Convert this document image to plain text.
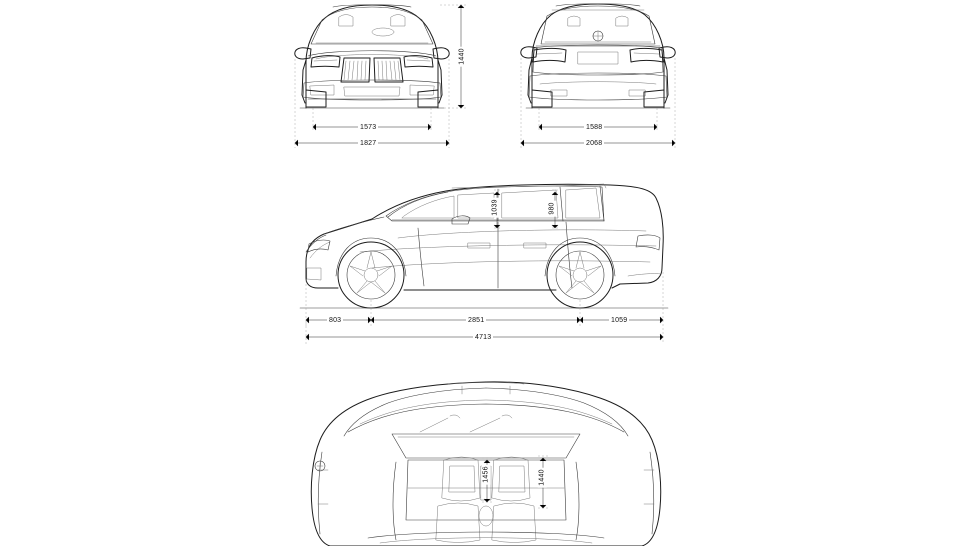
1440
1573
1827
1588
2068
1039	980
803	2851	1059
4713
1456	1440
